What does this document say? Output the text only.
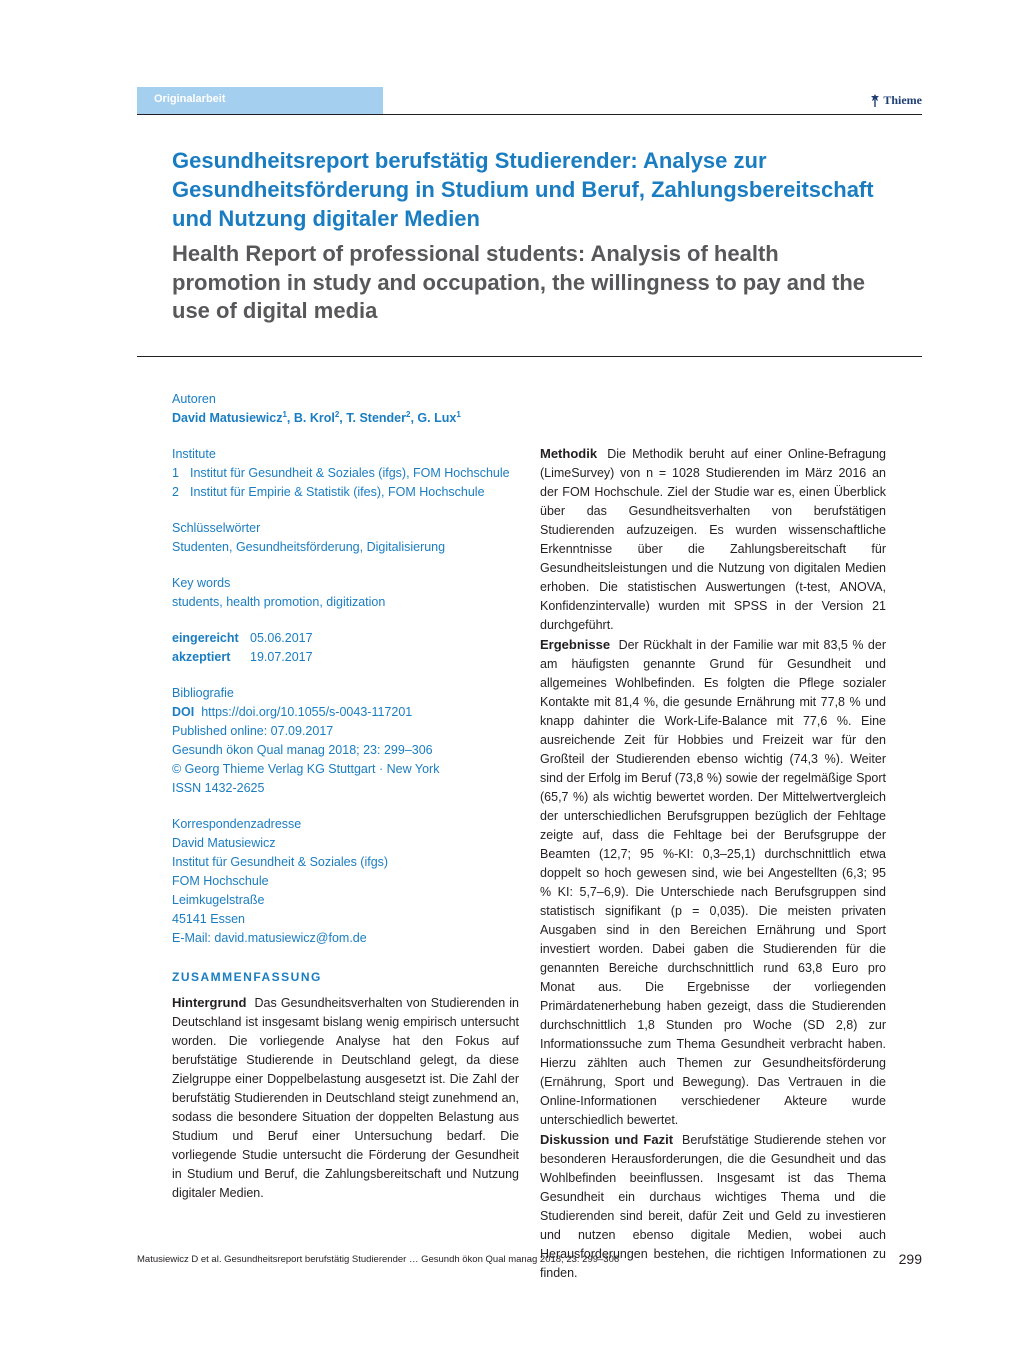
Originalarbeit	Thieme
Gesundheitsreport berufstätig Studierender: Analyse zur Gesundheitsförderung in Studium und Beruf, Zahlungsbereitschaft und Nutzung digitaler Medien
Health Report of professional students: Analysis of health promotion in study and occupation, the willingness to pay and the use of digital media
Autoren
David Matusiewicz$^1$, B. Krol$^2$, T. Stender$^2$, G. Lux$^1$
Institute
1 Institut für Gesundheit & Soziales (ifgs), FOM Hochschule
2 Institut für Empirie & Statistik (ifes), FOM Hochschule
Schlüsselwörter
Studenten, Gesundheitsförderung, Digitalisierung
Key words
students, health promotion, digitization
eingereicht 05.06.2017
akzeptiert	19.07.2017
Bibliografie
DOI https://doi.org/10.1055/s-0043-117201
Published online: 07.09.2017
Gesundh ökon Qual manag 2018; 23: 299–306
© Georg Thieme Verlag KG Stuttgart · New York
ISSN 1432-2625
Korrespondenzadresse
David Matusiewicz
Institut für Gesundheit & Soziales (ifgs)
FOM Hochschule
Leimkugelstraße
45141 Essen
E-Mail: david.matusiewicz@fom.de
ZUSAMMENFASSUNG

Hintergrund Das Gesundheitsverhalten von Studierenden in Deutschland ist insgesamt bislang wenig empirisch untersucht worden. Die vorliegende Analyse hat den Fokus auf berufstätige Studierende in Deutschland gelegt, da diese Zielgruppe einer Doppelbelastung ausgesetzt ist. Die Zahl der berufstätig Studierenden in Deutschland steigt zunehmend an, sodass die besondere Situation der doppelten Belastung aus Studium und Beruf einer Untersuchung bedarf. Die vorliegende Studie untersucht die Förderung der Gesundheit in Studium und Beruf, die Zahlungsbereitschaft und Nutzung digitaler Medien.

Methodik Die Methodik beruht auf einer Online-Befragung (LimeSurvey) von n = 1028 Studierenden im März 2016 an der FOM Hochschule. Ziel der Studie war es, einen Überblick über das Gesundheitsverhalten von berufstätigen Studierenden aufzuzeigen. Es wurden wissenschaftliche Erkenntnisse über die Zahlungsbereitschaft für Gesundheitsleistungen und die Nutzung von digitalen Medien erhoben. Die statistischen Auswertungen (t-test, ANOVA, Konfidenzintervalle) wurden mit SPSS in der Version 21 durchgeführt.

Ergebnisse Der Rückhalt in der Familie war mit 83,5 % der am häufigsten genannte Grund für Gesundheit und allgemeines Wohlbefinden. Es folgten die Pflege sozialer Kontakte mit 81,4 %, die gesunde Ernährung mit 77,8 % und knapp dahinter die Work-Life-Balance mit 77,6 %. Eine ausreichende Zeit für Hobbies und Freizeit war für den Großteil der Studierenden ebenso wichtig (74,3 %). Weiter sind der Erfolg im Beruf (73,8 %) sowie der regelmäßige Sport (65,7 %) als wichtig bewertet worden. Der Mittelwertvergleich der unterschiedlichen Berufsgruppen bezüglich der Fehltage zeigte auf, dass die Fehltage bei der Berufsgruppe der Beamten (12,7; 95 %-KI: 0,3–25,1) durchschnittlich etwa doppelt so hoch gewesen sind, wie bei Angestellten (6,3; 95 % KI: 5,7–6,9). Die Unterschiede nach Berufsgruppen sind statistisch signifikant (p = 0,035). Die meisten privaten Ausgaben sind in den Bereichen Ernährung und Sport investiert worden. Dabei gaben die Studierenden für die genannten Bereiche durchschnittlich rund 63,8 Euro pro Monat aus. Die Ergebnisse der vorliegenden Primärdatenerhebung haben gezeigt, dass die Studierenden durchschnittlich 1,8 Stunden pro Woche (SD 2,8) zur Informationssuche zum Thema Gesundheit verbracht haben. Hierzu zählten auch Themen zur Gesundheitsförderung (Ernährung, Sport und Bewegung). Das Vertrauen in die Online-Informationen verschiedener Akteure wurde unterschiedlich bewertet.

Diskussion und Fazit Berufstätige Studierende stehen vor besonderen Herausforderungen, die die Gesundheit und das Wohlbefinden beeinflussen. Insgesamt ist das Thema Gesundheit ein durchaus wichtiges Thema und die Studierenden sind bereit, dafür Zeit und Geld zu investieren und nutzen ebenso digitale Medien, wobei auch Herausforderungen bestehen, die richtigen Informationen zu finden.

Matusiewicz D et al. Gesundheitsreport berufstätig Studierender … Gesundh ökon Qual manag 2018; 23: 299–306	299
